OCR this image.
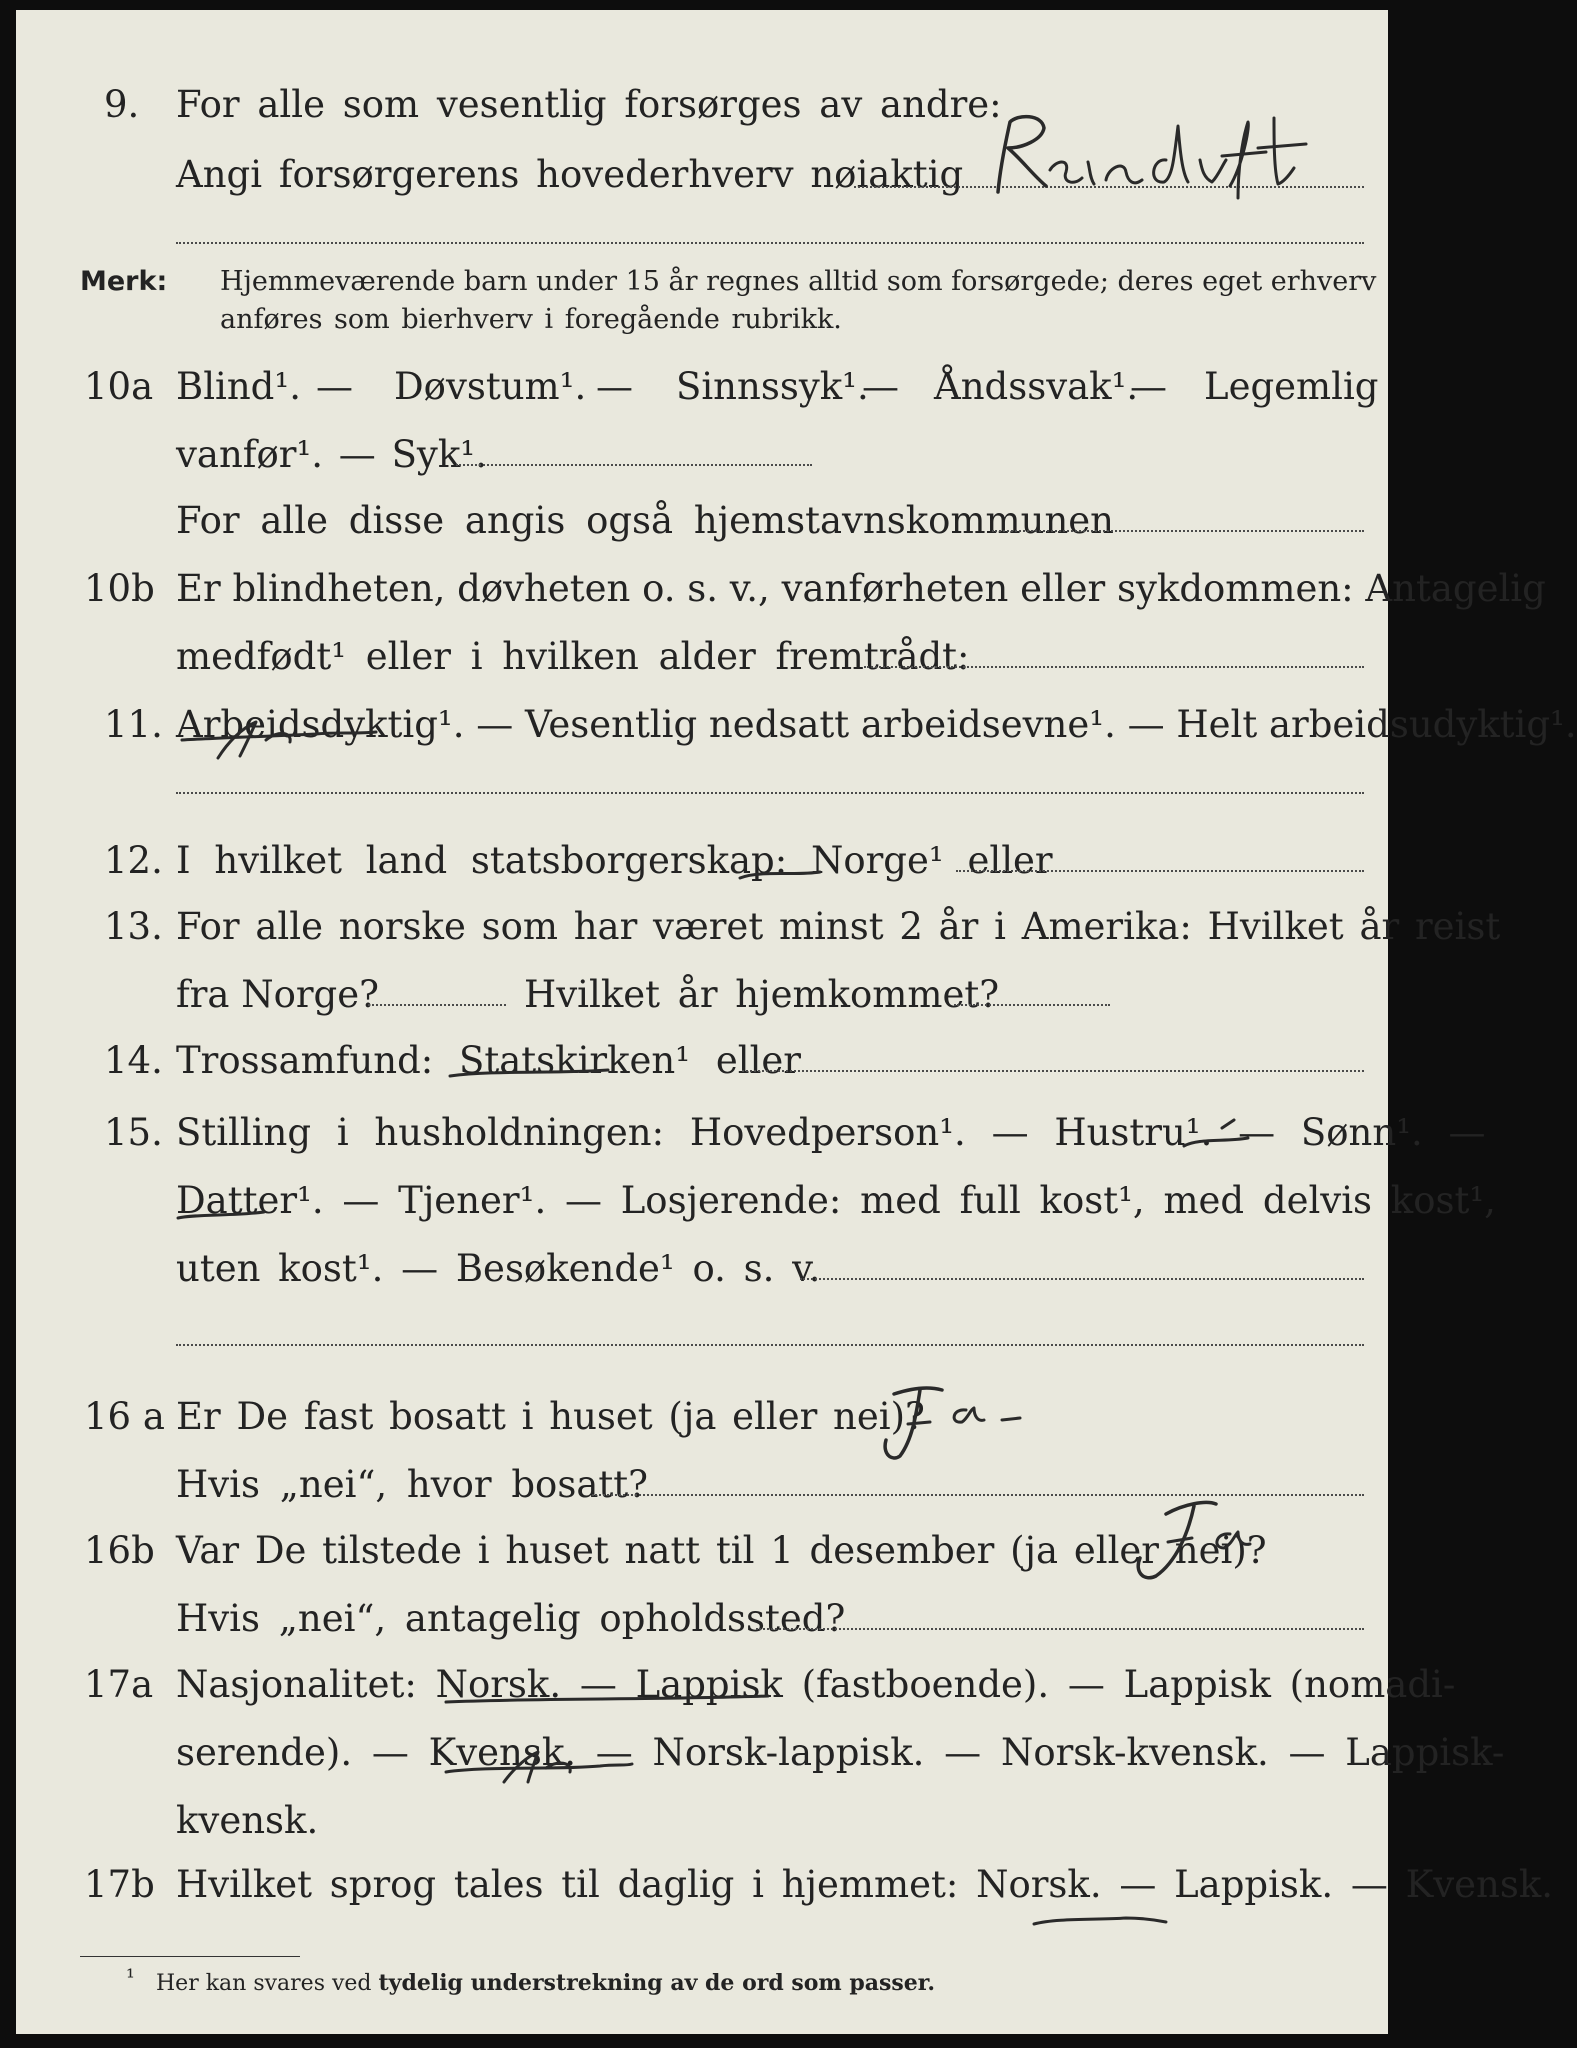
9. For alle som vesentlig forsørges av andre:
Angi forsørgerens hovederhverv nøiaktig
Merk: Hjemmeværende barn under 15 år regnes alltid som forsørgede; deres eget erhverv
anføres som bierhverv i foregående rubrikk.
10a Blind¹. — Døvstum¹. — Sinnssyk¹.
— Åndssvak¹.
— Legemlig
vanfør¹. — Syk¹.
For alle disse angis også hjemstavnskommunen
10b Er blindheten, døvheten o. s. v., vanførheten eller sykdommen: Antagelig
medfødt¹ eller i hvilken alder fremtrådt:
11. Arbeidsdyktig¹. — Vesentlig nedsatt arbeidsevne¹. — Helt arbeidsudyktig¹.
12. I hvilket land statsborgerskap: Norge¹ eller
13. For alle norske som har været minst 2 år i Amerika: Hvilket år reist
fra Norge?	Hvilket år hjemkommet?
14. Trossamfund: Statskirken¹ eller
15. Stilling i husholdningen: Hovedperson¹. — Hustru¹. — Sønn¹. —
Datter¹. — Tjener¹. — Losjerende: med full kost¹, med delvis kost¹,
uten kost¹. — Besøkende¹ o. s. v.
16 a Er De fast bosatt i huset (ja eller nei)?
Hvis „nei“, hvor bosatt?
16b Var De tilstede i huset natt til 1 desember (ja eller nei)?
Hvis „nei“, antagelig opholdssted?
17a Nasjonalitet: Norsk. — Lappisk (fastboende). — Lappisk (nomadi-
serende). — Kvensk. — Norsk-lappisk. — Norsk-kvensk. — Lappisk-
kvensk.
17b Hvilket sprog tales til daglig i hjemmet: Norsk. — Lappisk. — Kvensk.
¹ Her kan svares ved tydelig understrekning av de ord som passer.
